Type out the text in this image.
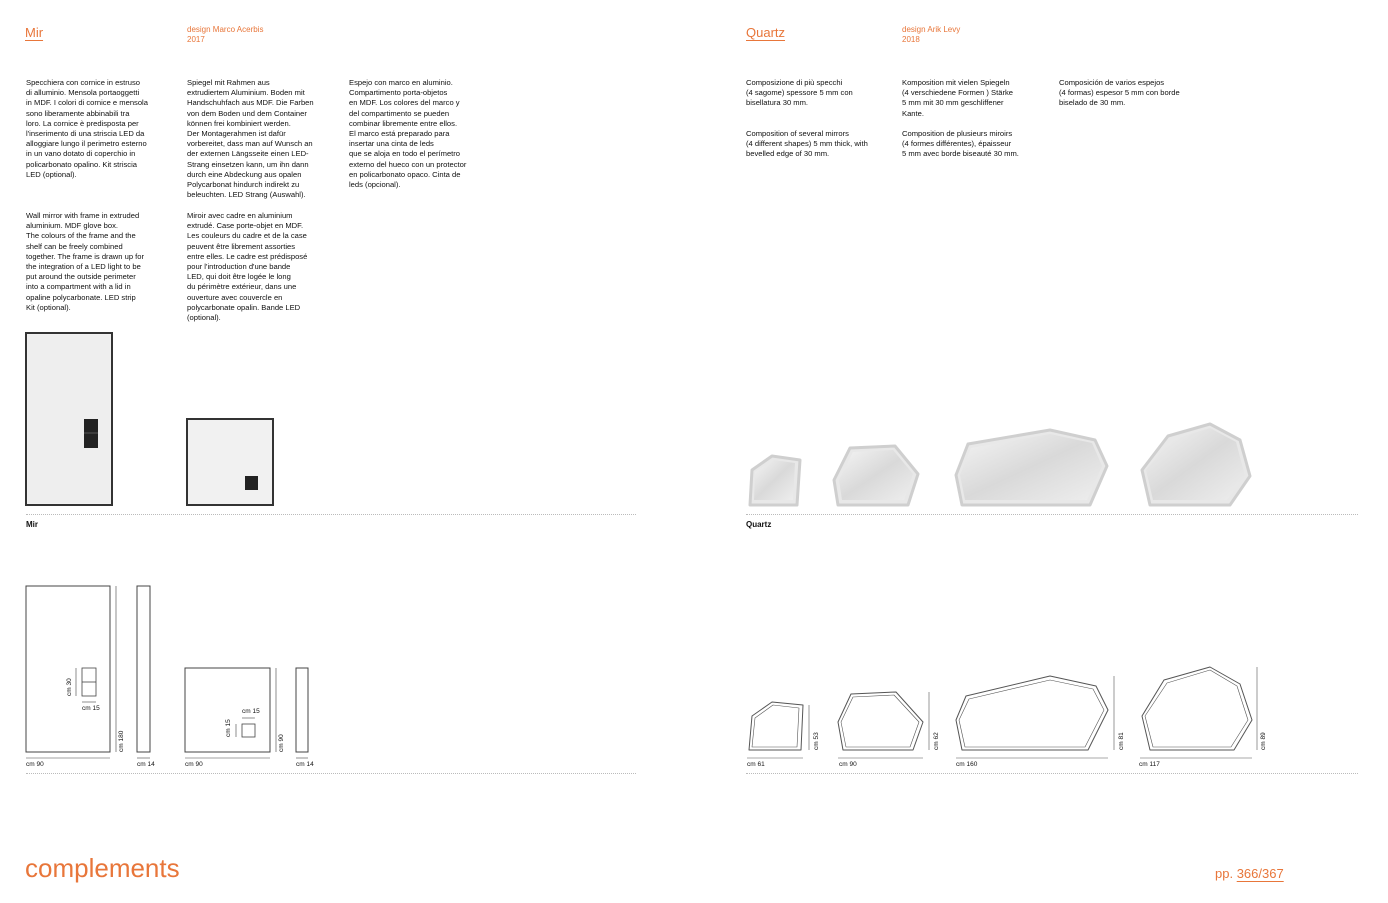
Mir	design Marco Acerbis
2017
Specchiera con cornice in estruso
di alluminio. Mensola portaoggetti
in MDF. I colori di cornice e mensola
sono liberamente abbinabili tra
loro. La cornice è predisposta per
l'inserimento di una striscia LED da
alloggiare lungo il perimetro esterno
in un vano dotato di coperchio in
policarbonato opalino. Kit striscia
LED (optional).
Spiegel mit Rahmen aus
extrudiertem Aluminium. Boden mit
Handschuhfach aus MDF. Die Farben
von dem Boden und dem Container
können frei kombiniert werden.
Der Montagerahmen ist dafür
vorbereitet, dass man auf Wunsch an
der externen Längsseite einen LED-
Strang einsetzen kann, um ihn dann
durch eine Abdeckung aus opalen
Polycarbonat hindurch indirekt zu
beleuchten. LED Strang (Auswahl).
Espejo con marco en aluminio.
Compartimento porta-objetos
en MDF. Los colores del marco y
del compartimento se pueden
combinar libremente entre ellos.
El marco está preparado para
insertar una cinta de leds
que se aloja en todo el perímetro
externo del hueco con un protector
en policarbonato opaco. Cinta de
leds (opcional).
Wall mirror with frame in extruded
aluminium. MDF glove box.
The colours of the frame and the
shelf can be freely combined
together. The frame is drawn up for
the integration of a LED light to be
put around the outside perimeter
into a compartment with a lid in
opaline polycarbonate. LED strip
Kit (optional).
Miroir avec cadre en aluminium
extrudé. Case porte-objet en MDF.
Les couleurs du cadre et de la case
peuvent être librement assorties
entre elles. Le cadre est prédisposé
pour l'introduction d'une bande
LED, qui doit être logée le long
du périmètre extérieur, dans une
ouverture avec couvercle en
polycarbonate opalin. Bande LED
(optional).
Mir
cm 30
cm 15
cm 180
cm 90	cm 14
cm 15
cm 15
cm 90
cm 90	cm 14
Quartz	design Arik Levy
2018
Composizione di più specchi
(4 sagome) spessore 5 mm con
bisellatura 30 mm.
Komposition mit vielen Spiegeln
(4 verschiedene Formen ) Stärke
5 mm mit 30 mm geschliffener
Kante.
Composición de varios espejos
(4 formas) espesor 5 mm con borde
biselado de 30 mm.
Composition of several mirrors
(4 different shapes) 5 mm thick, with
bevelled edge of 30 mm.
Composition de plusieurs miroirs
(4 formes différentes), épaisseur
5 mm avec borde biseauté 30 mm.
Quartz
cm 53
cm 61
cm 62
cm 90
cm 81
cm 160
cm 89
cm 117
complements	pp. 366/367
